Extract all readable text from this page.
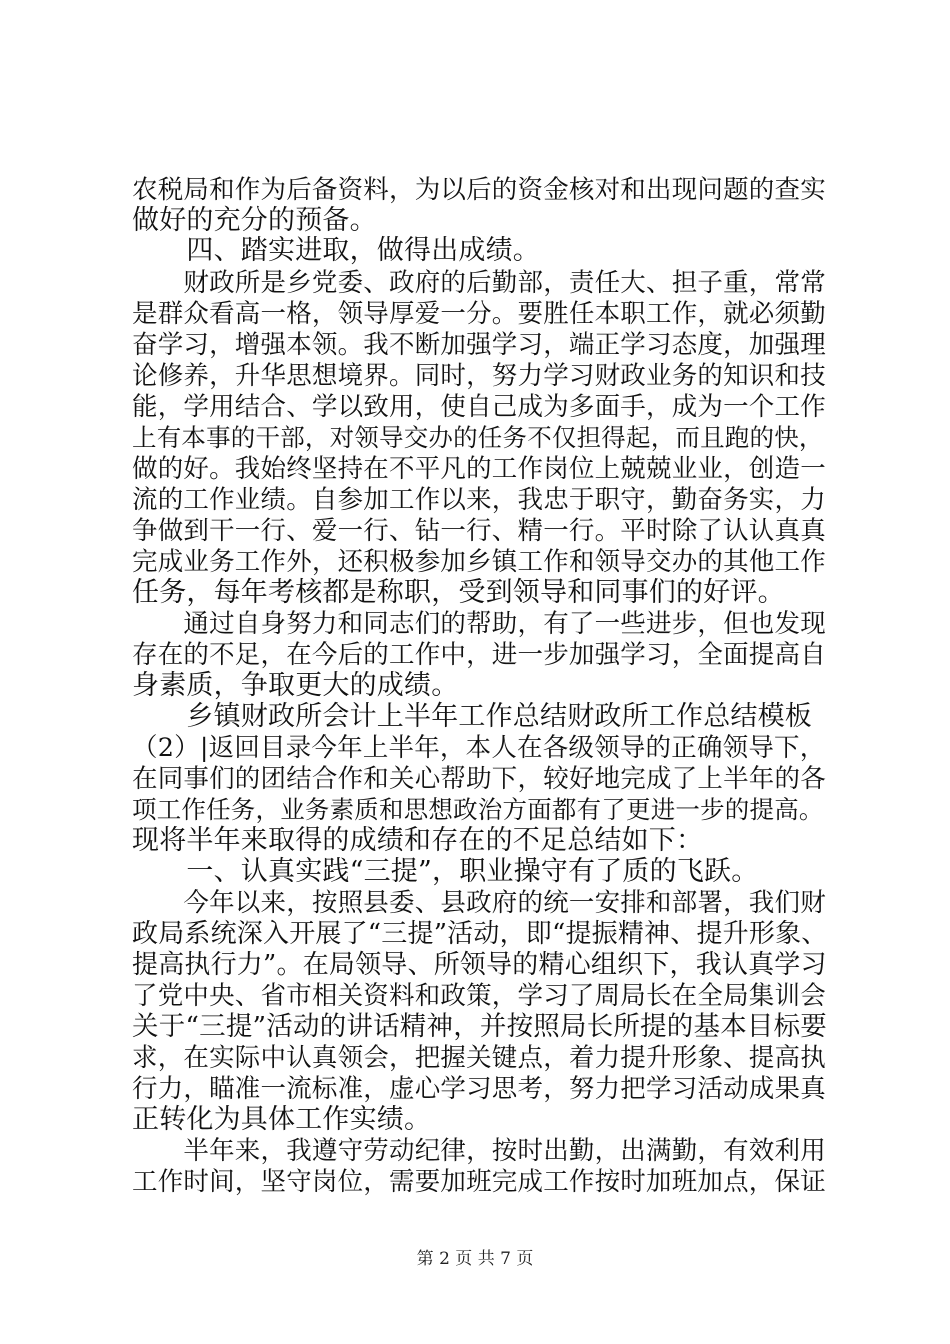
农税局和作为后备资料，为以后的资金核对和出现问题的查实
做好的充分的预备。
　　四、踏实进取，做得出成绩。
　　财政所是乡党委、政府的后勤部，责任大、担子重，常常
是群众看高一格，领导厚爱一分。要胜任本职工作，就必须勤
奋学习，增强本领。我不断加强学习，端正学习态度，加强理
论修养，升华思想境界。同时，努力学习财政业务的知识和技
能，学用结合、学以致用，使自己成为多面手，成为一个工作
上有本事的干部，对领导交办的任务不仅担得起，而且跑的快，
做的好。我始终坚持在不平凡的工作岗位上兢兢业业，创造一
流的工作业绩。自参加工作以来，我忠于职守，勤奋务实，力
争做到干一行、爱一行、钻一行、精一行。平时除了认认真真
完成业务工作外，还积极参加乡镇工作和领导交办的其他工作
任务，每年考核都是称职，受到领导和同事们的好评。
　　通过自身努力和同志们的帮助，有了一些进步，但也发现
存在的不足，在今后的工作中，进一步加强学习，全面提高自
身素质，争取更大的成绩。
　　乡镇财政所会计上半年工作总结财政所工作总结模板
（2）|返回目录今年上半年，本人在各级领导的正确领导下，
在同事们的团结合作和关心帮助下，较好地完成了上半年的各
项工作任务，业务素质和思想政治方面都有了更进一步的提高。
现将半年来取得的成绩和存在的不足总结如下：
　　一、认真实践“三提”，职业操守有了质的飞跃。
　　今年以来，按照县委、县政府的统一安排和部署，我们财
政局系统深入开展了“三提”活动，即“提振精神、提升形象、
提高执行力”。在局领导、所领导的精心组织下，我认真学习
了党中央、省市相关资料和政策，学习了周局长在全局集训会
关于“三提”活动的讲话精神，并按照局长所提的基本目标要
求，在实际中认真领会，把握关键点，着力提升形象、提高执
行力，瞄准一流标准，虚心学习思考，努力把学习活动成果真
正转化为具体工作实绩。
　　半年来，我遵守劳动纪律，按时出勤，出满勤，有效利用
工作时间，坚守岗位，需要加班完成工作按时加班加点，保证
第 2 页 共 7 页
